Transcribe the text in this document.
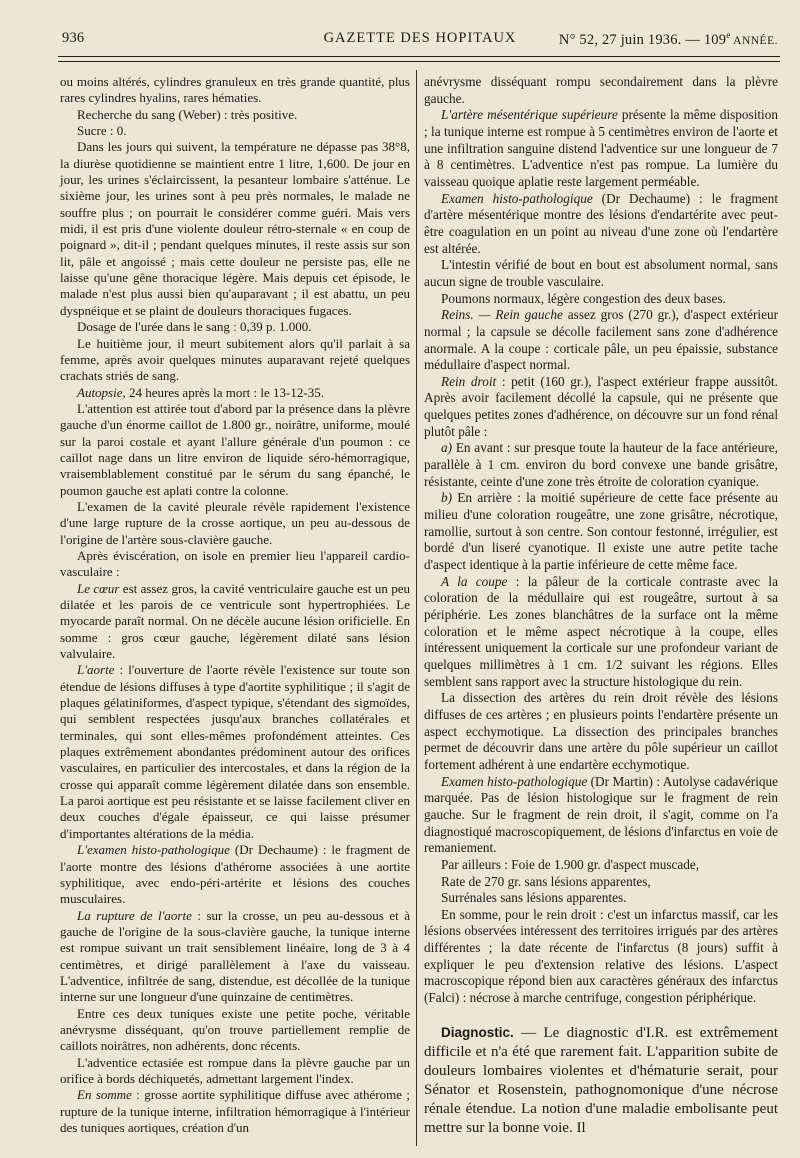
936	GAZETTE DES HOPITAUX	N° 52, 27 juin 1936. — 109e ANNÉE.

ou moins altérés, cylindres granuleux en très grande quantité, plus rares cylindres hyalins, rares hématies.

Recherche du sang (Weber) : très positive.

Sucre : 0.

Dans les jours qui suivent, la température ne dépasse pas 38°8, la diurèse quotidienne se maintient entre 1 litre, 1,600. De jour en jour, les urines s'éclaircissent, la pesanteur lombaire s'atténue. Le sixième jour, les urines sont à peu près normales, le malade ne souffre plus ; on pourrait le considérer comme guéri. Mais vers midi, il est pris d'une violente douleur rétro-sternale « en coup de poignard », dit-il ; pendant quelques minutes, il reste assis sur son lit, pâle et angoissé ; mais cette douleur ne persiste pas, elle ne laisse qu'une gêne thoracique légère. Mais depuis cet épisode, le malade n'est plus aussi bien qu'auparavant ; il est abattu, un peu dyspnéique et se plaint de douleurs thoraciques fugaces.

Dosage de l'urée dans le sang : 0,39 p. 1.000.

Le huitième jour, il meurt subitement alors qu'il parlait à sa femme, après avoir quelques minutes auparavant rejeté quelques crachats striés de sang.

Autopsie, 24 heures après la mort : le 13-12-35.

L'attention est attirée tout d'abord par la présence dans la plèvre gauche d'un énorme caillot de 1.800 gr., noirâtre, uniforme, moulé sur la paroi costale et ayant l'allure générale d'un poumon : ce caillot nage dans un litre environ de liquide séro-hémorragique, vraisemblablement constitué par le sérum du sang épanché, le poumon gauche est aplati contre la colonne.

L'examen de la cavité pleurale révèle rapidement l'existence d'une large rupture de la crosse aortique, un peu au-dessous de l'origine de l'artère sous-clavière gauche.

Après éviscération, on isole en premier lieu l'appareil cardio-vasculaire :

Le cœur est assez gros, la cavité ventriculaire gauche est un peu dilatée et les parois de ce ventricule sont hypertrophiées. Le myocarde paraît normal. On ne décèle aucune lésion orificielle. En somme : gros cœur gauche, légèrement dilaté sans lésion valvulaire.

L'aorte : l'ouverture de l'aorte révèle l'existence sur toute son étendue de lésions diffuses à type d'aortite syphilitique ; il s'agit de plaques gélatiniformes, d'aspect typique, s'étendant des sigmoïdes, qui semblent respectées jusqu'aux branches collatérales et terminales, qui sont elles-mêmes profondément atteintes. Ces plaques extrêmement abondantes prédominent autour des orifices vasculaires, en particulier des intercostales, et dans la région de la crosse qui apparaît comme légèrement dilatée dans son ensemble. La paroi aortique est peu résistante et se laisse facilement cliver en deux couches d'égale épaisseur, ce qui laisse présumer d'importantes altérations de la média.

L'examen histo-pathologique (Dr Dechaume) : le fragment de l'aorte montre des lésions d'athérome associées à une aortite syphilitique, avec endo-péri-artérite et lésions des couches musculaires.

La rupture de l'aorte : sur la crosse, un peu au-dessous et à gauche de l'origine de la sous-clavière gauche, la tunique interne est rompue suivant un trait sensiblement linéaire, long de 3 à 4 centimètres, et dirigé parallèlement à l'axe du vaisseau. L'adventice, infiltrée de sang, distendue, est décollée de la tunique interne sur une longueur d'une quinzaine de centimètres.

Entre ces deux tuniques existe une petite poche, véritable anévrysme disséquant, qu'on trouve partiellement remplie de caillots noirâtres, non adhérents, donc récents.

L'adventice ectasiée est rompue dans la plèvre gauche par un orifice à bords déchiquetés, admettant largement l'index.

En somme : grosse aortite syphilitique diffuse avec athérome ; rupture de la tunique interne, infiltration hémorragique à l'intérieur des tuniques aortiques, création d'un

anévrysme disséquant rompu secondairement dans la plèvre gauche.

L'artère mésentérique supérieure présente la même disposition ; la tunique interne est rompue à 5 centimètres environ de l'aorte et une infiltration sanguine distend l'adventice sur une longueur de 7 à 8 centimètres. L'adventice n'est pas rompue. La lumière du vaisseau quoique aplatie reste largement perméable.

Examen histo-pathologique (Dr Dechaume) : le fragment d'artère mésentérique montre des lésions d'endartérite avec peut-être coagulation en un point au niveau d'une zone où l'endartère est altérée.

L'intestin vérifié de bout en bout est absolument normal, sans aucun signe de trouble vasculaire.

Poumons normaux, légère congestion des deux bases.

Reins. — Rein gauche assez gros (270 gr.), d'aspect extérieur normal ; la capsule se décolle facilement sans zone d'adhérence anormale. A la coupe : corticale pâle, un peu épaissie, substance médullaire d'aspect normal.

Rein droit : petit (160 gr.), l'aspect extérieur frappe aussitôt. Après avoir facilement décollé la capsule, qui ne présente que quelques petites zones d'adhérence, on découvre sur un fond rénal plutôt pâle :

a) En avant : sur presque toute la hauteur de la face antérieure, parallèle à 1 cm. environ du bord convexe une bande grisâtre, résistante, ceinte d'une zone très étroite de coloration cyanique.

b) En arrière : la moitié supérieure de cette face présente au milieu d'une coloration rougeâtre, une zone grisâtre, nécrotique, ramollie, surtout à son centre. Son contour festonné, irrégulier, est bordé d'un liseré cyanotique. Il existe une autre petite tache d'aspect identique à la partie inférieure de cette même face.

A la coupe : la pâleur de la corticale contraste avec la coloration de la médullaire qui est rougeâtre, surtout à sa périphérie. Les zones blanchâtres de la surface ont la même coloration et le même aspect nécrotique à la coupe, elles intéressent uniquement la corticale sur une profondeur variant de quelques millimètres à 1 cm. 1/2 suivant les régions. Elles semblent sans rapport avec la structure histologique du rein.

La dissection des artères du rein droit révèle des lésions diffuses de ces artères ; en plusieurs points l'endartère présente un aspect ecchymotique. La dissection des principales branches permet de découvrir dans une artère du pôle supérieur un caillot fortement adhérent à une endartère ecchymotique.

Examen histo-pathologique (Dr Martin) : Autolyse cadavérique marquée. Pas de lésion histologique sur le fragment de rein gauche. Sur le fragment de rein droit, il s'agit, comme on l'a diagnostiqué macroscopiquement, de lésions d'infarctus en voie de remaniement.

Par ailleurs : Foie de 1.900 gr. d'aspect muscade,

Rate de 270 gr. sans lésions apparentes,

Surrénales sans lésions apparentes.

En somme, pour le rein droit : c'est un infarctus massif, car les lésions observées intéressent des territoires irrigués par des artères différentes ; la date récente de l'infarctus (8 jours) suffit à expliquer le peu d'extension relative des lésions. L'aspect macroscopique répond bien aux caractères généraux des infarctus (Falci) : nécrose à marche centrifuge, congestion périphérique.

Diagnostic. — Le diagnostic d'I.R. est extrêmement difficile et n'a été que rarement fait. L'apparition subite de douleurs lombaires violentes et d'hématurie serait, pour Sénator et Rosenstein, pathognomonique d'une nécrose rénale étendue. La notion d'une maladie embolisante peut mettre sur la bonne voie. Il
